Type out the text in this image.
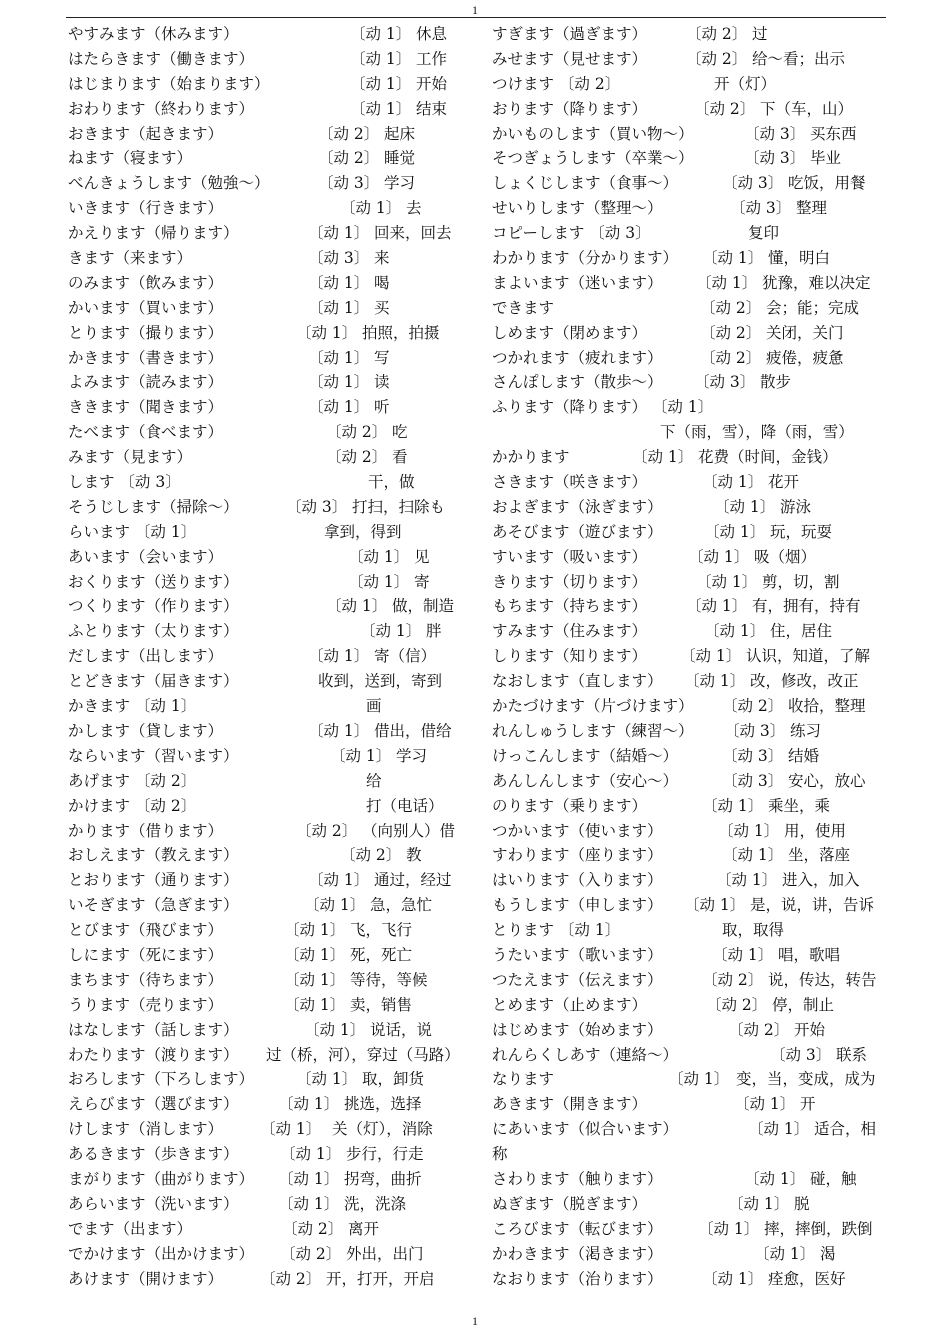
1
やすみます（休みます）	〔动 1〕 休息
はたらきます（働きます）	〔动 1〕 工作
はじまります（始まります）	〔动 1〕 开始
おわります（終わります）	〔动 1〕 结束
おきます（起きます）	〔动 2〕 起床
ねます（寝ます）	〔动 2〕 睡觉
べんきょうします（勉強～）	〔动 3〕 学习
いきます（行きます）	〔动 1〕 去
かえります（帰ります）	〔动 1〕 回来，回去
きます（来ます）	〔动 3〕 来
のみます（飲みます）	〔动 1〕 喝
かいます（買います）	〔动 1〕 买
とります（撮ります）	〔动 1〕 拍照，拍摄
かきます（書きます）	〔动 1〕 写
よみます（読みます）	〔动 1〕 读
ききます（聞きます）	〔动 1〕 听
たべます（食べます）	〔动 2〕 吃
みます（見ます）	〔动 2〕 看
します 〔动 3〕	干，做
そうじします（掃除～）	〔动 3〕 打扫，扫除も
らいます 〔动 1〕	拿到，得到
あいます（会います）	〔动 1〕 见
おくります（送ります）	〔动 1〕 寄
つくります（作ります）	〔动 1〕 做，制造
ふとります（太ります）	〔动 1〕 胖
だします（出します）	〔动 1〕 寄（信）
とどきます（届きます）	收到，送到，寄到
かきます 〔动 1〕	画
かします（貸します）	〔动 1〕 借出，借给
ならいます（習います）	〔动 1〕 学习
あげます 〔动 2〕	给
かけます 〔动 2〕	打（电话）
かります（借ります）	〔动 2〕 （向别人）借
おしえます（教えます）	〔动 2〕 教
とおります（通ります）	〔动 1〕 通过，经过
いそぎます（急ぎます）	〔动 1〕 急，急忙
とびます（飛びます）	〔动 1〕 飞，飞行
しにます（死にます）	〔动 1〕 死，死亡
まちます（待ちます）	〔动 1〕 等待，等候
うります（売ります）	〔动 1〕 卖，销售
はなします（話します）	〔动 1〕 说话，说
わたります（渡ります） 过（桥，河），穿过（马路）
おろします（下ろします）	〔动 1〕 取，卸货
えらびます（選びます）	〔动 1〕 挑选，选择
けします（消します） 〔动 1〕 关（灯），消除
あるきます（歩きます）	〔动 1〕 步行，行走
まがります（曲がります） 〔动 1〕 拐弯，曲折
あらいます（洗います）	〔动 1〕 洗，洗涤
でます（出ます）	〔动 2〕 离开
でかけます（出かけます） 〔动 2〕 外出，出门
あけます（開けます） 〔动 2〕 开，打开，开启
すぎます（過ぎます）	〔动 2〕 过
みせます（見せます）	〔动 2〕 给～看；出示
つけます 〔动 2〕	开（灯）
おります（降ります）	〔动 2〕 下（车，山）
かいものします（買い物～）	〔动 3〕 买东西
そつぎょうします（卒業～）	〔动 3〕 毕业
しょくじします（食事～）	〔动 3〕 吃饭，用餐
せいりします（整理～）	〔动 3〕 整理
コピーします 〔动 3〕	复印
わかります（分かります） 〔动 1〕 懂，明白
まよいます（迷います） 〔动 1〕 犹豫，难以决定
できます	〔动 2〕 会；能；完成
しめます（閉めます）	〔动 2〕 关闭，关门
つかれます（疲れます） 〔动 2〕 疲倦，疲惫
さんぽします（散歩～） 〔动 3〕 散步
ふります（降ります） 〔动 1〕
下（雨，雪），降（雨，雪）
かかります	〔动 1〕 花费（时间，金钱）
さきます（咲きます）	〔动 1〕 花开
およぎます（泳ぎます）	〔动 1〕 游泳
あそびます（遊びます）	〔动 1〕 玩，玩耍
すいます（吸います）	〔动 1〕 吸（烟）
きります（切ります）	〔动 1〕 剪，切，割
もちます（持ちます）	〔动 1〕 有，拥有，持有
すみます（住みます）	〔动 1〕 住，居住
しります（知ります） 〔动 1〕 认识，知道，了解
なおします（直します） 〔动 1〕 改，修改，改正
かたづけます（片づけます） 〔动 2〕 收拾，整理
れんしゅうします（練習～） 〔动 3〕 练习
けっこんします（結婚～）	〔动 3〕 结婚
あんしんします（安心～）	〔动 3〕 安心，放心
のります（乗ります）	〔动 1〕 乘坐，乘
つかいます（使います）	〔动 1〕 用，使用
すわります（座ります）	〔动 1〕 坐，落座
はいります（入ります）	〔动 1〕 进入，加入
もうします（申します） 〔动 1〕 是，说，讲，告诉
とります 〔动 1〕	取，取得
うたいます（歌います）	〔动 1〕 唱，歌唱
つたえます（伝えます）	〔动 2〕 说，传达，转告
とめます（止めます）	〔动 2〕 停，制止
はじめます（始めます）	〔动 2〕 开始
れんらくしあす（連絡～）	〔动 3〕 联系
なります	〔动 1〕 变，当，变成，成为
あきます（開きます）	〔动 1〕 开
にあいます（似合います）	〔动 1〕 适合，相
称
さわります（触ります）	〔动 1〕 碰，触
ぬぎます（脱ぎます）	〔动 1〕 脱
ころびます（転びます） 〔动 1〕 摔，摔倒，跌倒
かわきます（渇きます）	〔动 1〕 渴
なおります（治ります）	〔动 1〕 痊愈，医好
1
